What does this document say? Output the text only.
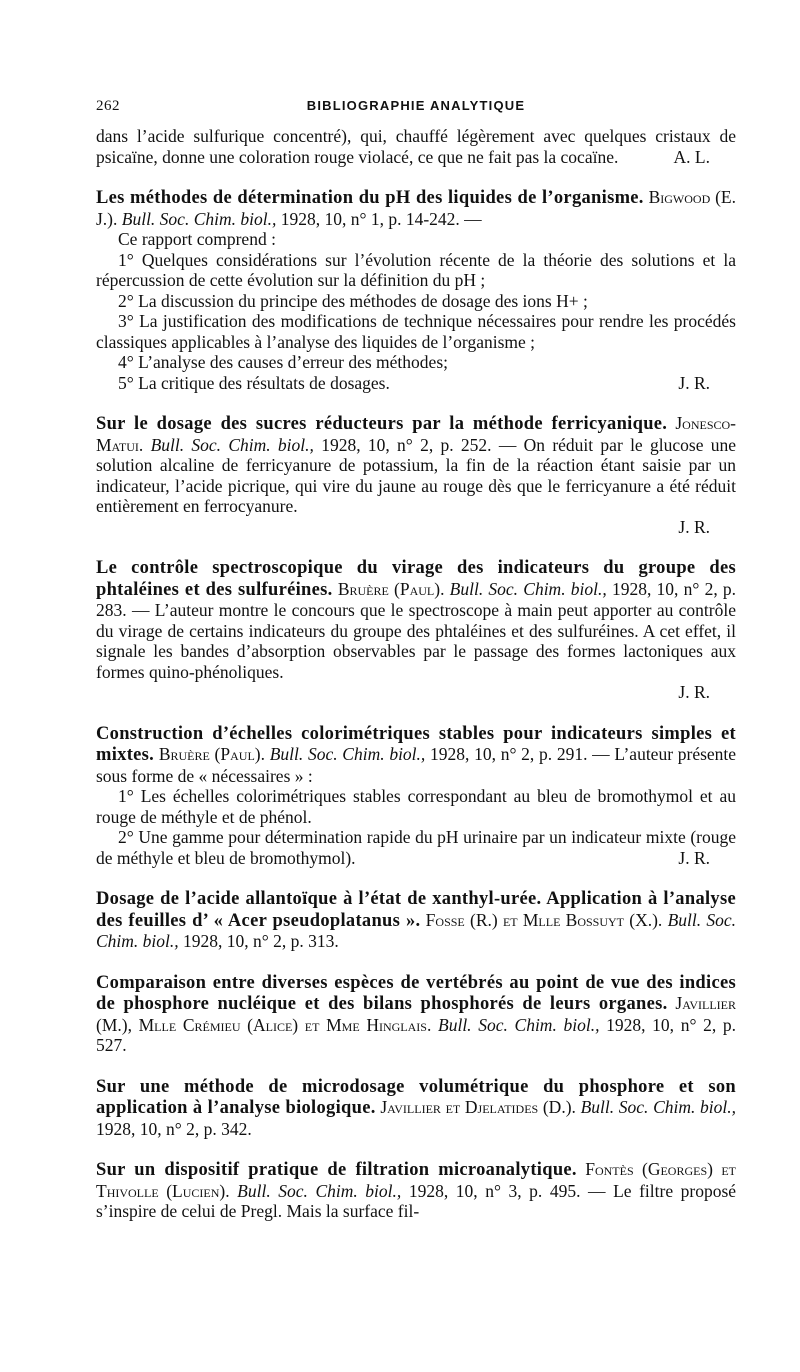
262	BIBLIOGRAPHIE ANALYTIQUE

dans l’acide sulfurique concentré), qui, chauffé légèrement avec quelques cristaux de psicaïne, donne une coloration rouge violacé, ce que ne fait pas la cocaïne.	A. L.

Les méthodes de détermination du pH des liquides de l’organisme. Bigwood (E. J.). Bull. Soc. Chim. biol., 1928, 10, n° 1, p. 14-242. —

Ce rapport comprend :

1° Quelques considérations sur l’évolution récente de la théorie des solutions et la répercussion de cette évolution sur la définition du pH ;

2° La discussion du principe des méthodes de dosage des ions H+ ;

3° La justification des modifications de technique nécessaires pour rendre les procédés classiques applicables à l’analyse des liquides de l’organisme ;

4° L’analyse des causes d’erreur des méthodes;

5° La critique des résultats de dosages.	J. R.

Sur le dosage des sucres réducteurs par la méthode ferricyanique. Jonesco-Matui. Bull. Soc. Chim. biol., 1928, 10, n° 2, p. 252. — On réduit par le glucose une solution alcaline de ferricyanure de potassium, la fin de la réaction étant saisie par un indicateur, l’acide picrique, qui vire du jaune au rouge dès que le ferricyanure a été réduit entièrement en ferrocyanure.

J. R.

Le contrôle spectroscopique du virage des indicateurs du groupe des phtaléines et des sulfuréines. Bruère (Paul). Bull. Soc. Chim. biol., 1928, 10, n° 2, p. 283. — L’auteur montre le concours que le spectroscope à main peut apporter au contrôle du virage de certains indicateurs du groupe des phtaléines et des sulfuréines. A cet effet, il signale les bandes d’absorption observables par le passage des formes lactoniques aux formes quino-phénoliques.

J. R.

Construction d’échelles colorimétriques stables pour indicateurs simples et mixtes. Bruère (Paul). Bull. Soc. Chim. biol., 1928, 10, n° 2, p. 291. — L’auteur présente sous forme de « nécessaires » :

1° Les échelles colorimétriques stables correspondant au bleu de bromothymol et au rouge de méthyle et de phénol.

2° Une gamme pour détermination rapide du pH urinaire par un indicateur mixte (rouge de méthyle et bleu de bromothymol).	J. R.

Dosage de l’acide allantoïque à l’état de xanthyl-urée. Application à l’analyse des feuilles d’ « Acer pseudoplatanus ». Fosse (R.) et Mlle Bossuyt (X.). Bull. Soc. Chim. biol., 1928, 10, n° 2, p. 313.

Comparaison entre diverses espèces de vertébrés au point de vue des indices de phosphore nucléique et des bilans phosphorés de leurs organes. Javillier (M.), Mlle Crémieu (Alice) et Mme Hinglais. Bull. Soc. Chim. biol., 1928, 10, n° 2, p. 527.

Sur une méthode de microdosage volumétrique du phosphore et son application à l’analyse biologique. Javillier et Djelatides (D.). Bull. Soc. Chim. biol., 1928, 10, n° 2, p. 342.

Sur un dispositif pratique de filtration microanalytique. Fontès (Georges) et Thivolle (Lucien). Bull. Soc. Chim. biol., 1928, 10, n° 3, p. 495. — Le filtre proposé s’inspire de celui de Pregl. Mais la surface fil-
